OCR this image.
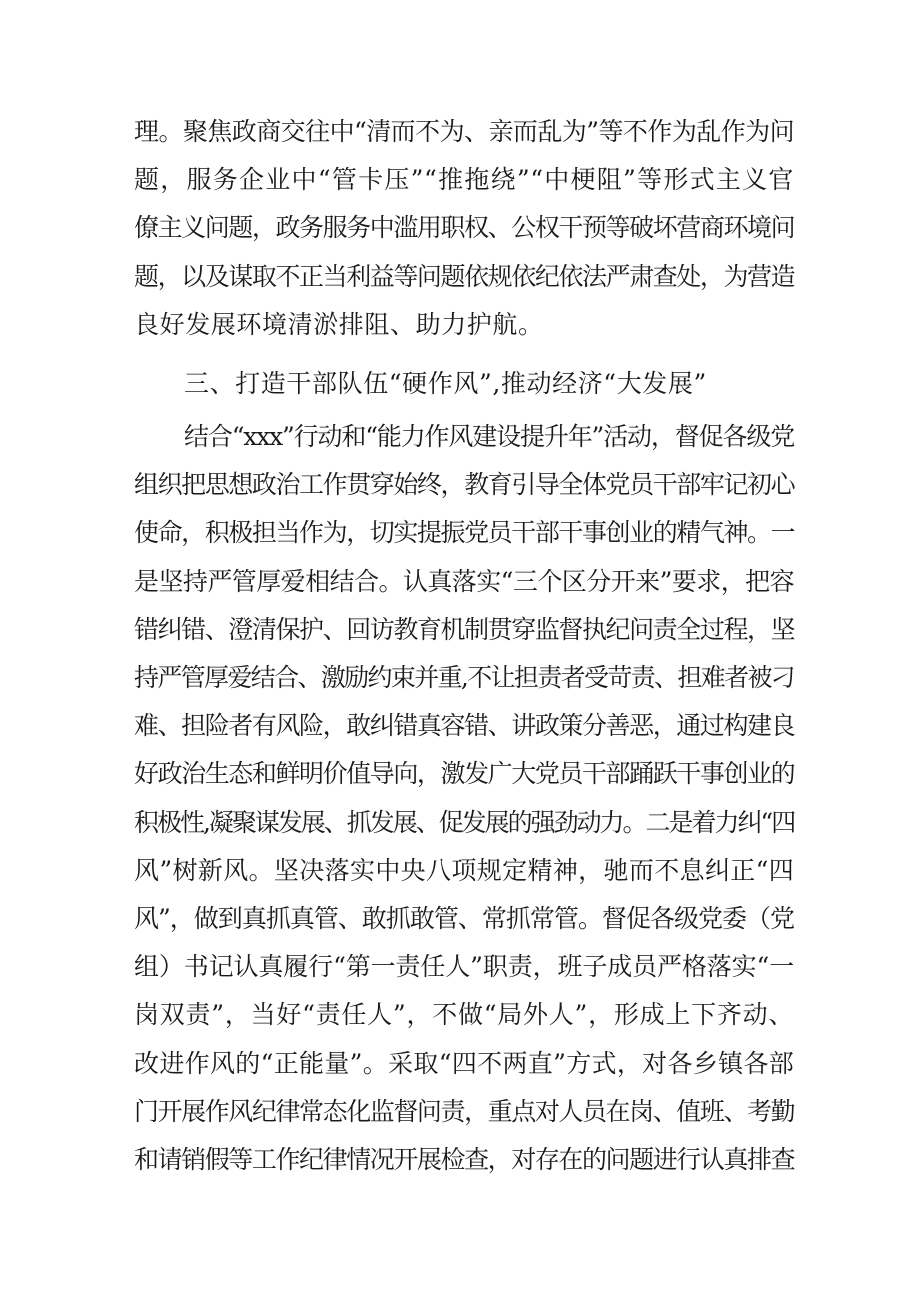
理。聚焦政商交往中“清而不为、亲而乱为”等不作为乱作为问
题，服务企业中“管卡压”“推拖绕”“中梗阻”等形式主义官
僚主义问题，政务服务中滥用职权、公权干预等破坏营商环境问
题，以及谋取不正当利益等问题依规依纪依法严肃查处，为营造
良好发展环境清淤排阻、助力护航。
三、打造干部队伍“硬作风”,推动经济“大发展”
结合“xxx”行动和“能力作风建设提升年”活动，督促各级党
组织把思想政治工作贯穿始终，教育引导全体党员干部牢记初心
使命，积极担当作为，切实提振党员干部干事创业的精气神。一
是坚持严管厚爱相结合。认真落实“三个区分开来”要求，把容
错纠错、澄清保护、回访教育机制贯穿监督执纪问责全过程，坚
持严管厚爱结合、激励约束并重,不让担责者受苛责、担难者被刁
难、担险者有风险，敢纠错真容错、讲政策分善恶，通过构建良
好政治生态和鲜明价值导向，激发广大党员干部踊跃干事创业的
积极性,凝聚谋发展、抓发展、促发展的强劲动力。二是着力纠“四
风”树新风。坚决落实中央八项规定精神，驰而不息纠正“四
风”，做到真抓真管、敢抓敢管、常抓常管。督促各级党委（党
组）书记认真履行“第一责任人”职责，班子成员严格落实“一
岗双责”，当好“责任人”，不做“局外人”，形成上下齐动、
改进作风的“正能量”。采取“四不两直”方式，对各乡镇各部
门开展作风纪律常态化监督问责，重点对人员在岗、值班、考勤
和请销假等工作纪律情况开展检查，对存在的问题进行认真排查
